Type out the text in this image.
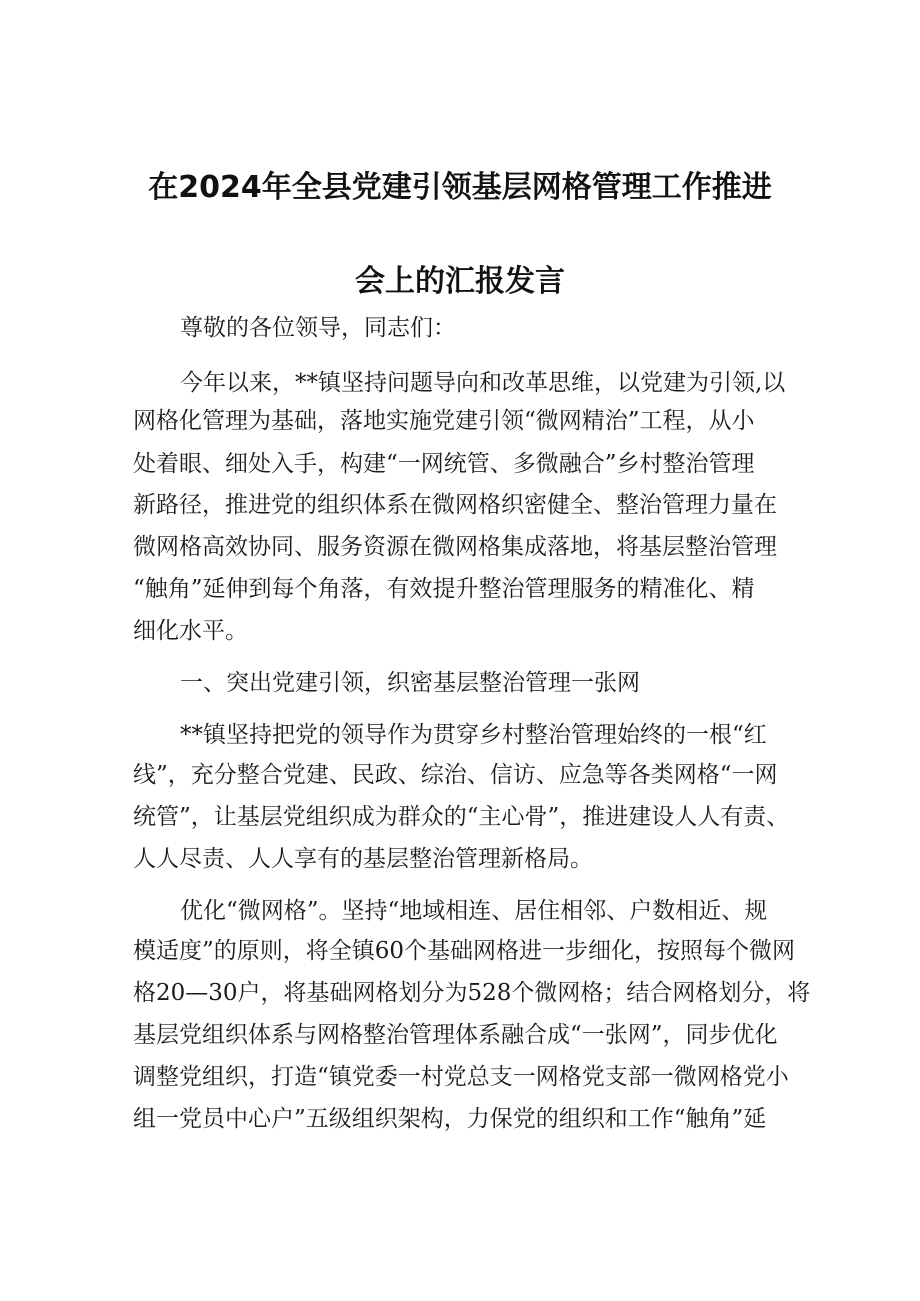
在2024年全县党建引领基层网格管理工作推进
会上的汇报发言
尊敬的各位领导，同志们：
今年以来，**镇坚持问题导向和改革思维，以党建为引领,以
网格化管理为基础，落地实施党建引领“微网精治”工程，从小
处着眼、细处入手，构建“一网统管、多微融合”乡村整治管理
新路径，推进党的组织体系在微网格织密健全、整治管理力量在
微网格高效协同、服务资源在微网格集成落地，将基层整治管理
“触角”延伸到每个角落，有效提升整治管理服务的精准化、精
细化水平。
一、突出党建引领，织密基层整治管理一张网
**镇坚持把党的领导作为贯穿乡村整治管理始终的一根“红
线”，充分整合党建、民政、综治、信访、应急等各类网格“一网
统管”，让基层党组织成为群众的“主心骨”，推进建设人人有责、
人人尽责、人人享有的基层整治管理新格局。
优化“微网格”。坚持“地域相连、居住相邻、户数相近、规
模适度”的原则，将全镇60个基础网格进一步细化，按照每个微网
格20—30户，将基础网格划分为528个微网格；结合网格划分，将
基层党组织体系与网格整治管理体系融合成“一张网”，同步优化
调整党组织，打造“镇党委一村党总支一网格党支部一微网格党小
组一党员中心户”五级组织架构，力保党的组织和工作“触角”延
